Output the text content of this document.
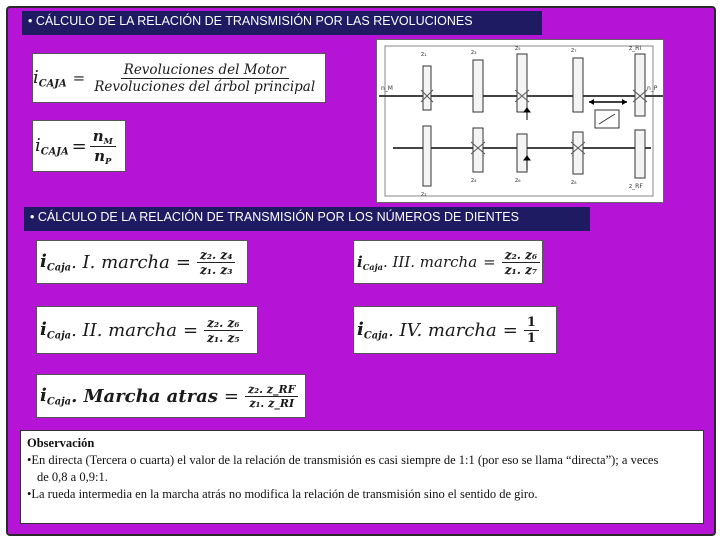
• CÁLCULO DE LA RELACIÓN DE TRANSMISIÓN POR LAS REVOLUCIONES
$i_{CAJA} = \frac{\text{Revoluciones del Motor}}{\text{Revoluciones del árbol principal}}$
$i_{CAJA} = \frac{n_M}{n_P}$
z₁
z₂
z₃
z₄
z₅
z₆
z₇
z₈
z_RI
z_RF
n_M	n_P
• CÁLCULO DE LA RELACIÓN DE TRANSMISIÓN POR LOS NÚMEROS DE DIENTES
$i_{Caja}$ . I. marcha = $\frac{\text{z₂. z₄}}{\text{z₁. z₃}}$	$i_{Caja}$ . III. marcha = $\frac{\text{z₂. z₆}}{\text{z₁. z₇}}$
$i_{Caja}$ . II. marcha = $\frac{\text{z₂. z₆}}{\text{z₁. z₅}}$	$i_{Caja}$ . IV. marcha = $\frac{1}{1}$
$i_{Caja}$ . Marcha atras = $\frac{\text{z₂. z\_RF}}{\text{z₁. z\_RI}}$
Observación
•En directa (Tercera o cuarta) el valor de la relación de transmisión es casi siempre de 1:1 (por eso se llama “directa”); a veces
de 0,8 a 0,9:1.
•La rueda intermedia en la marcha atrás no modifica la relación de transmisión sino el sentido de giro.
